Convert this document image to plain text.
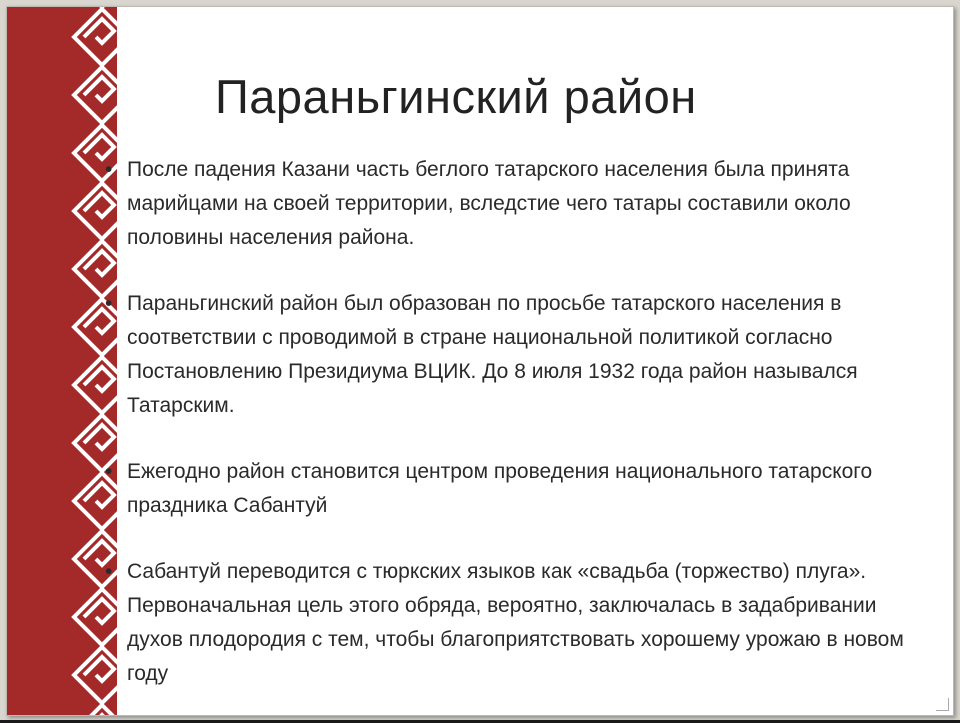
Параньгинский район
• После падения Казани часть беглого татарского населения была принята марийцами на своей территории, вследстие чего татары составили около половины населения района.
• Параньгинский район был образован по просьбе татарского населения в соответствии с проводимой в стране национальной политикой согласно Постановлению Президиума ВЦИК. До 8 июля 1932 года район назывался Татарским.
• Ежегодно район становится центром проведения национального татарского праздника Сабантуй
• Сабантуй переводится с тюркских языков как «свадьба (торжество) плуга». Первоначальная цель этого обряда, вероятно, заключалась в задабривании духов плодородия с тем, чтобы благоприятствовать хорошему урожаю в новом году
